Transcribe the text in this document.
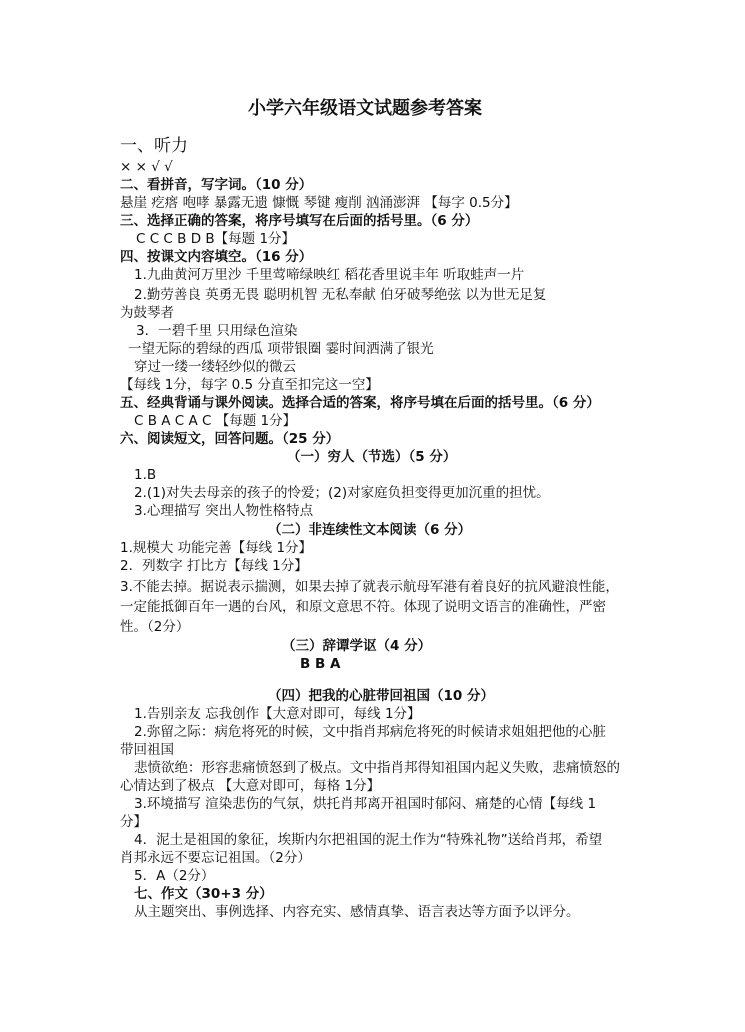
小学六年级语文试题参考答案
一、听力
× × √ √
二、看拼音，写字词。（10 分）
悬崖 疙瘩 咆哮 暴露无遗 慷慨 琴键 瘦削 汹涌澎湃 【每字 0.5分】
三、选择正确的答案，将序号填写在后面的括号里。（6 分）
C C C B D B【每题 1分】
四、按课文内容填空。（16 分）
1.九曲黄河万里沙 千里莺啼绿映红 稻花香里说丰年 听取蛙声一片
2.勤劳善良 英勇无畏 聪明机智 无私奉献 伯牙破琴绝弦 以为世无足复
为鼓琴者
3．一碧千里 只用绿色渲染
一望无际的碧绿的西瓜 项带银圈 霎时间洒满了银光
穿过一缕一缕轻纱似的微云
【每线 1分，每字 0.5 分直至扣完这一空】
五、经典背诵与课外阅读。选择合适的答案，将序号填在后面的括号里。（6 分）
C B A C A C 【每题 1分】
六、阅读短文，回答问题。（25 分）
（一）穷人（节选）（5 分）
1.B
2.(1)对失去母亲的孩子的怜爱；(2)对家庭负担变得更加沉重的担忧。
3.心理描写 突出人物性格特点
（二）非连续性文本阅读（6 分）
1.规模大 功能完善【每线 1分】
2．列数字 打比方【每线 1分】
3.不能去掉。据说表示揣测，如果去掉了就表示航母军港有着良好的抗风避浪性能，
一定能抵御百年一遇的台风，和原文意思不符。体现了说明文语言的准确性，严密
性。（2分）
（三）辞谭学讴（4 分）
B B A
（四）把我的心脏带回祖国（10 分）
1.告别亲友 忘我创作【大意对即可，每线 1分】
2.弥留之际：病危将死的时候，文中指肖邦病危将死的时候请求姐姐把他的心脏
带回祖国
悲愤欲绝：形容悲痛愤怒到了极点。文中指肖邦得知祖国内起义失败，悲痛愤怒的
心情达到了极点 【大意对即可，每格 1分】
3.环境描写 渲染悲伤的气氛，烘托肖邦离开祖国时郁闷、痛楚的心情【每线 1
分】
4．泥土是祖国的象征，埃斯内尔把祖国的泥土作为“特殊礼物”送给肖邦，希望
肖邦永远不要忘记祖国。（2分）
5．A（2分）
七、作文（30+3 分）
从主题突出、事例选择、内容充实、感情真挚、语言表达等方面予以评分。
